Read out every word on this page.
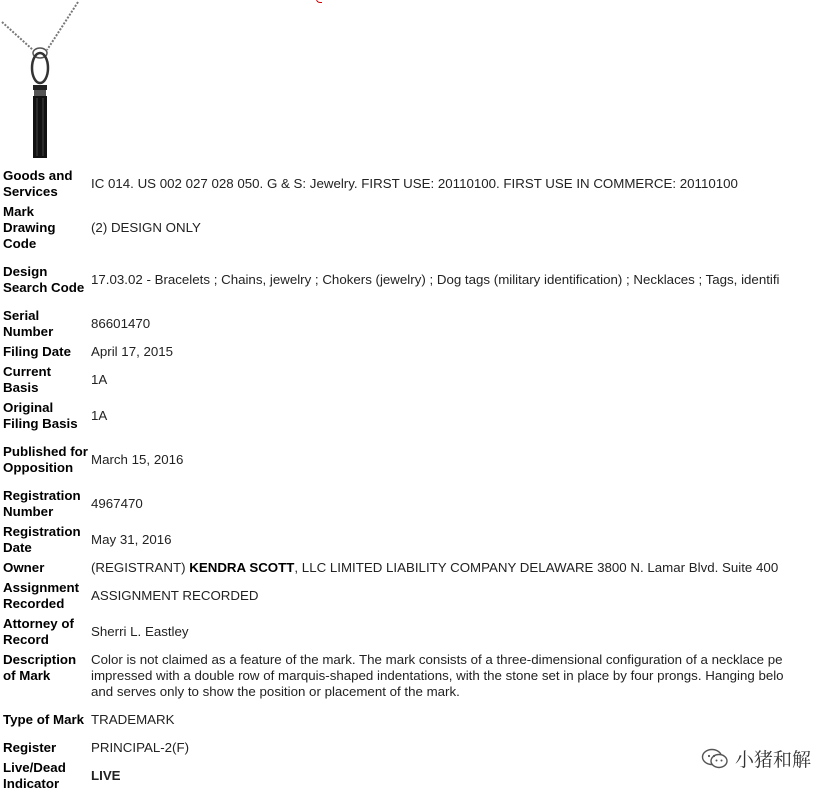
Goods and Services	IC 014. US 002 027 028 050. G & S: Jewelry. FIRST USE: 20110100. FIRST USE IN COMMERCE: 20110100
Mark Drawing Code	(2) DESIGN ONLY
Design Search Code	17.03.02 - Bracelets ; Chains, jewelry ; Chokers (jewelry) ; Dog tags (military identification) ; Necklaces ; Tags, identifi
Serial Number	86601470
Filing Date	April 17, 2015
Current Basis	1A
Original Filing Basis	1A
Published for Opposition	March 15, 2016
Registration Number	4967470
Registration Date	May 31, 2016
Owner	(REGISTRANT) KENDRA SCOTT, LLC LIMITED LIABILITY COMPANY DELAWARE 3800 N. Lamar Blvd. Suite 400
Assignment Recorded	ASSIGNMENT RECORDED
Attorney of Record	Sherri L. Eastley
Description of Mark	Color is not claimed as a feature of the mark. The mark consists of a three-dimensional configuration of a necklace pe
impressed with a double row of marquis-shaped indentations, with the stone set in place by four prongs. Hanging belo
and serves only to show the position or placement of the mark.

Type of Mark	TRADEMARK
Register	PRINCIPAL-2(F)
Live/Dead Indicator	LIVE
小猪和解
